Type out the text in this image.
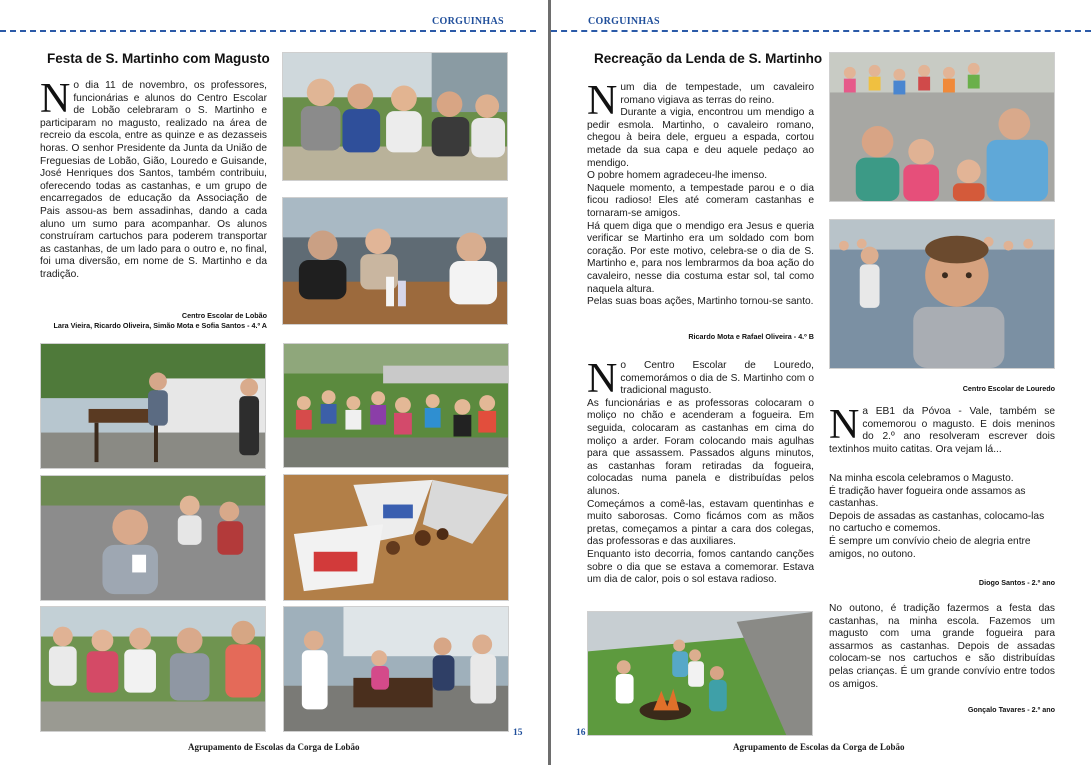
CORGUINHAS
Festa de S. Martinho com Magusto
N o dia 11 de novembro, os professores, funcionárias e alunos do Centro Escolar de Lobão celebraram o S. Martinho e participaram no magusto, realizado na área de recreio da escola, entre as quinze e as dezasseis horas. O senhor Presidente da Junta da União de Freguesias de Lobão, Gião, Louredo e Guisande, José Henriques dos Santos, também contribuiu, oferecendo todas as castanhas, e um grupo de encarregados de educação da Associação de Pais assou-as bem assadinhas, dando a cada aluno um sumo para acompanhar. Os alunos construíram cartuchos para poderem transportar as castanhas, de um lado para o outro e, no final, foi uma diversão, em nome de S. Martinho e da tradição.
Centro Escolar de Lobão
Lara Vieira, Ricardo Oliveira, Simão Mota e Sofia Santos - 4.º A
Agrupamento de Escolas da Corga de Lobão
15
CORGUINHAS
Recreação da Lenda de S. Martinho
Num dia de tempestade, um cavaleiro romano vigiava as terras do reino.
Durante a vigia, encontrou um mendigo a pedir esmola. Martinho, o cavaleiro romano, chegou à beira dele, ergueu a espada, cortou metade da sua capa e deu aquele pedaço ao mendigo.
O pobre homem agradeceu-lhe imenso.
Naquele momento, a tempestade parou e o dia ficou radioso! Eles até comeram castanhas e tornaram-se amigos.
Há quem diga que o mendigo era Jesus e queria verificar se Martinho era um soldado com bom coração. Por este motivo, celebra-se o dia de S. Martinho e, para nos lembrarmos da boa ação do cavaleiro, nesse dia costuma estar sol, tal como naquela altura.
Pelas suas boas ações, Martinho tornou-se santo.
Ricardo Mota e Rafael Oliveira - 4.º B
No Centro Escolar de Louredo, comemorámos o dia de S. Martinho com o tradicional magusto.
As funcionárias e as professoras colocaram o moliço no chão e acenderam a fogueira. Em seguida, colocaram as castanhas em cima do moliço a arder. Foram colocando mais agulhas para que assassem. Passados alguns minutos, as castanhas foram retiradas da fogueira, colocadas numa panela e distribuídas pelos alunos.
Começámos a comê-las, estavam quentinhas e muito saborosas. Como ficámos com as mãos pretas, começamos a pintar a cara dos colegas, das professoras e das auxiliares.
Enquanto isto decorria, fomos cantando canções sobre o dia que se estava a comemorar. Estava um dia de calor, pois o sol estava radioso.
Centro Escolar de Louredo
N a EB1 da Póvoa - Vale, também se comemorou o magusto. E dois meninos do 2.º ano resolveram escrever dois textinhos muito catitas. Ora vejam lá...
Na minha escola celebramos o Magusto.
É tradição haver fogueira onde assamos as castanhas.
Depois de assadas as castanhas, colocamo-las no cartucho e comemos.
É sempre um convívio cheio de alegria entre amigos, no outono.
Diogo Santos - 2.º ano
No outono, é tradição fazermos a festa das castanhas, na minha escola. Fazemos um magusto com uma grande fogueira para assarmos as castanhas. Depois de assadas colocam-se nos cartuchos e são distribuídas pelas crianças. É um grande convívio entre todos os amigos.
Gonçalo Tavares - 2.º ano
16
Agrupamento de Escolas da Corga de Lobão
